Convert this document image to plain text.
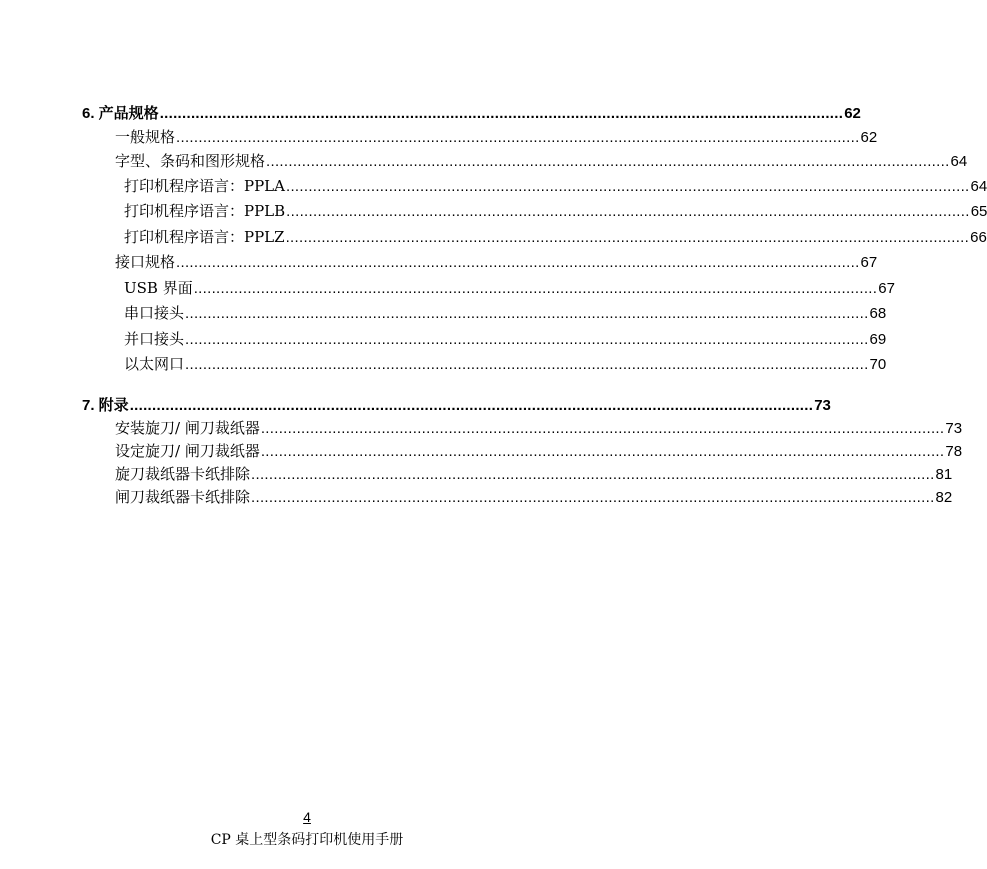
6. 产品规格 ......................................................................................................................................................... 62
一般规格 ......................................................................................................................................................... 62
字型、条码和图形规格 ......................................................................................................................................................... 64
打印机程序语言：PPLA ......................................................................................................................................................... 64
打印机程序语言：PPLB ......................................................................................................................................................... 65
打印机程序语言：PPLZ ......................................................................................................................................................... 66
接口规格 ......................................................................................................................................................... 67
USB 界面 ......................................................................................................................................................... 67
串口接头 ......................................................................................................................................................... 68
并口接头 ......................................................................................................................................................... 69
以太网口 ......................................................................................................................................................... 70
7. 附录 ......................................................................................................................................................... 73
安装旋刀/ 闸刀裁纸器 ......................................................................................................................................................... 73
设定旋刀/ 闸刀裁纸器 ......................................................................................................................................................... 78
旋刀裁纸器卡纸排除 ......................................................................................................................................................... 81
闸刀裁纸器卡纸排除 ......................................................................................................................................................... 82
4
CP 桌上型条码打印机使用手册
